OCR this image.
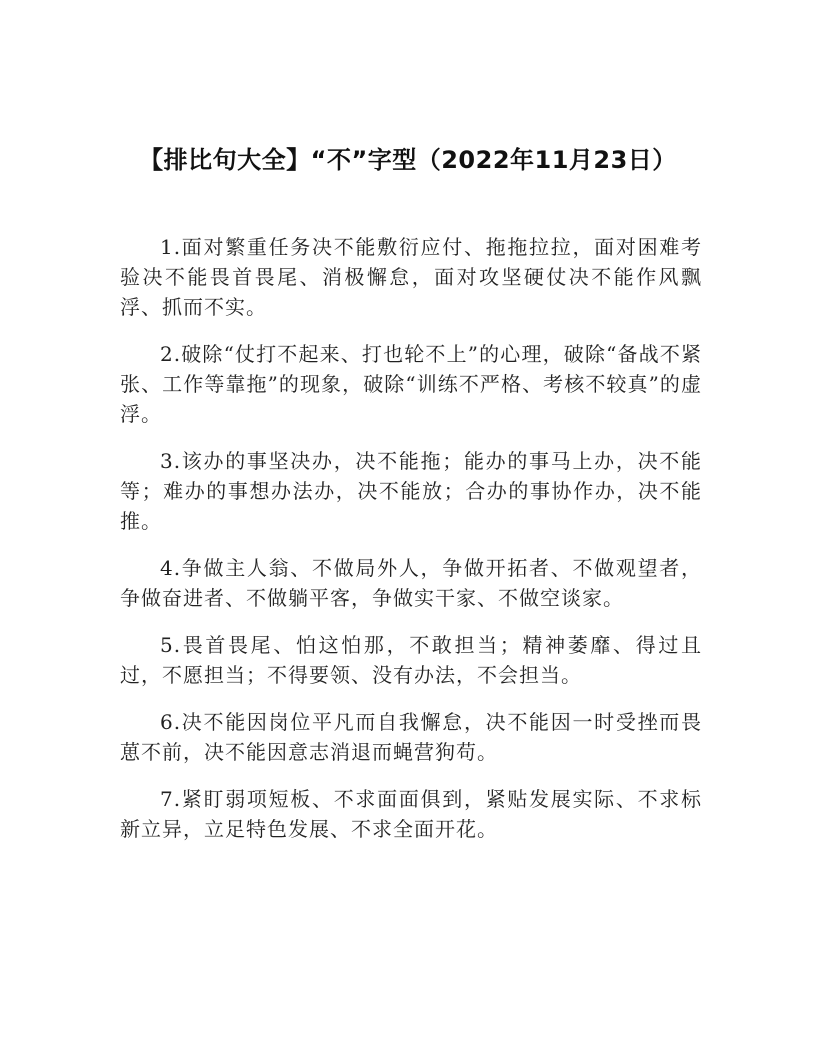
【排比句大全】“不”字型（2022年11月23日）

1.面对繁重任务决不能敷衍应付、拖拖拉拉，面对困难考验决不能畏首畏尾、消极懈怠，面对攻坚硬仗决不能作风飘浮、抓而不实。

2.破除“仗打不起来、打也轮不上”的心理，破除“备战不紧张、工作等靠拖”的现象，破除“训练不严格、考核不较真”的虚浮。

3.该办的事坚决办，决不能拖；能办的事马上办，决不能等；难办的事想办法办，决不能放；合办的事协作办，决不能推。

4.争做主人翁、不做局外人，争做开拓者、不做观望者，争做奋进者、不做躺平客，争做实干家、不做空谈家。

5.畏首畏尾、怕这怕那，不敢担当；精神萎靡、得过且过，不愿担当；不得要领、没有办法，不会担当。

6.决不能因岗位平凡而自我懈怠，决不能因一时受挫而畏葸不前，决不能因意志消退而蝇营狗苟。

7.紧盯弱项短板、不求面面俱到，紧贴发展实际、不求标新立异，立足特色发展、不求全面开花。
